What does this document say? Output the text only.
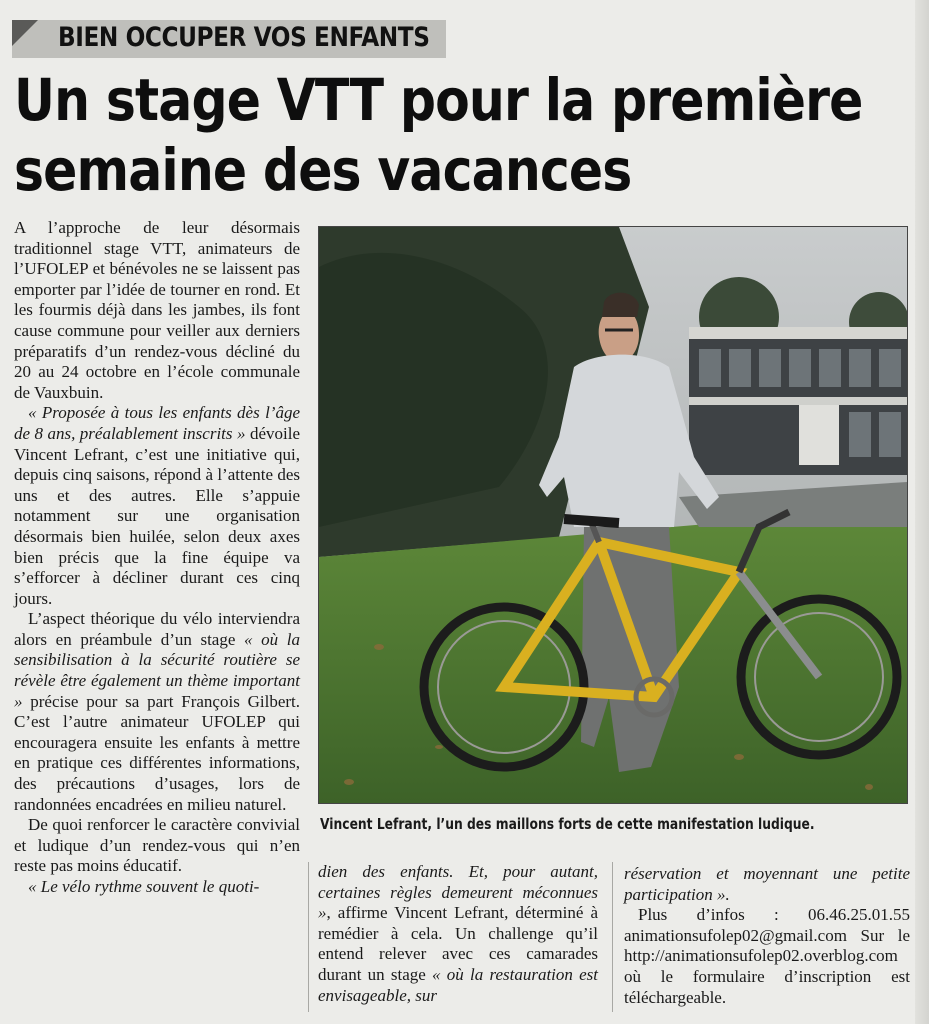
BIEN OCCUPER VOS ENFANTS
Un stage VTT pour la première
semaine des vacances

A l’approche de leur désormais traditionnel stage VTT, animateurs de l’UFOLEP et bénévoles ne se laissent pas emporter par l’idée de tourner en rond. Et les fourmis déjà dans les jambes, ils font cause commune pour veiller aux derniers préparatifs d’un rendez-vous décliné du 20 au 24 octobre en l’école communale de Vauxbuin.

« Proposée à tous les enfants dès l’âge de 8 ans, préalablement inscrits » dévoile Vincent Lefrant, c’est une initiative qui, depuis cinq saisons, répond à l’attente des uns et des autres. Elle s’appuie notamment sur une organisation désormais bien huilée, selon deux axes bien précis que la fine équipe va s’efforcer à décliner durant ces cinq jours.

L’aspect théorique du vélo interviendra alors en préambule d’un stage « où la sensibilisation à la sécurité routière se révèle être également un thème important » précise pour sa part François Gilbert. C’est l’autre animateur UFOLEP qui encouragera ensuite les enfants à mettre en pratique ces différentes informations, des précautions d’usages, lors de randonnées encadrées en milieu naturel.

De quoi renforcer le caractère convivial et ludique d’un rendez-vous qui n’en reste pas moins éducatif.

« Le vélo rythme souvent le quoti-

Vincent Lefrant, l’un des maillons forts de cette manifestation ludique.

dien des enfants. Et, pour autant, certaines règles demeurent méconnues », affirme Vincent Lefrant, déterminé à remédier à cela. Un challenge qu’il entend relever avec ces camarades durant un stage « où la restauration est envisageable, sur

réservation et moyennant une petite participation ».

Plus d’infos : 06.46.25.01.55 animationsufolep02@gmail.com Sur le http://animationsufolep02.overblog.com où le formulaire d’inscription est téléchargeable.
